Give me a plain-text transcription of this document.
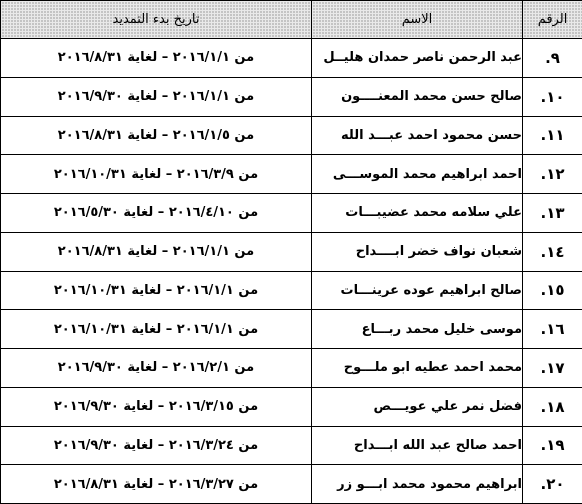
الرقم	الاسم	تاريخ بدء التمديد
٩.	عبد الرحمن ناصر حمدان هليــل	من ٢٠١٦/١/١ – لغاية ٢٠١٦/٨/٣١
١٠.	صالح حسن محمد المعنــــون	من ٢٠١٦/١/١ – لغاية ٢٠١٦/٩/٣٠
١١.	حسن محمود احمد عبـــد الله	من ٢٠١٦/١/٥ – لغاية ٢٠١٦/٨/٣١
١٢.	احمد ابراهيم محمد الموســـى	من ٢٠١٦/٣/٩ – لغاية ٢٠١٦/١٠/٣١
١٣.	علي سلامه محمد عضيبـــات	من ٢٠١٦/٤/١٠ – لغاية ٢٠١٦/٥/٣٠
١٤.	شعبان نواف خضر ابــــداح	من ٢٠١٦/١/١ – لغاية ٢٠١٦/٨/٣١
١٥.	صالح ابراهيم عوده عرينـــات	من ٢٠١٦/١/١ – لغاية ٢٠١٦/١٠/٣١
١٦.	موسى خليل محمد ربـــاع	من ٢٠١٦/١/١ – لغاية ٢٠١٦/١٠/٣١
١٧.	محمد احمد عطيه ابو ملـــوح	من ٢٠١٦/٢/١ – لغاية ٢٠١٦/٩/٣٠
١٨.	فضل نمر علي عويـــص	من ٢٠١٦/٣/١٥ – لغاية ٢٠١٦/٩/٣٠
١٩.	احمد صالح عبد الله ابـــداح	من ٢٠١٦/٣/٢٤ – لغاية ٢٠١٦/٩/٣٠
٢٠.	ابراهيم محمود محمد ابـــو زر	من ٢٠١٦/٣/٢٧ – لغاية ٢٠١٦/٨/٣١
